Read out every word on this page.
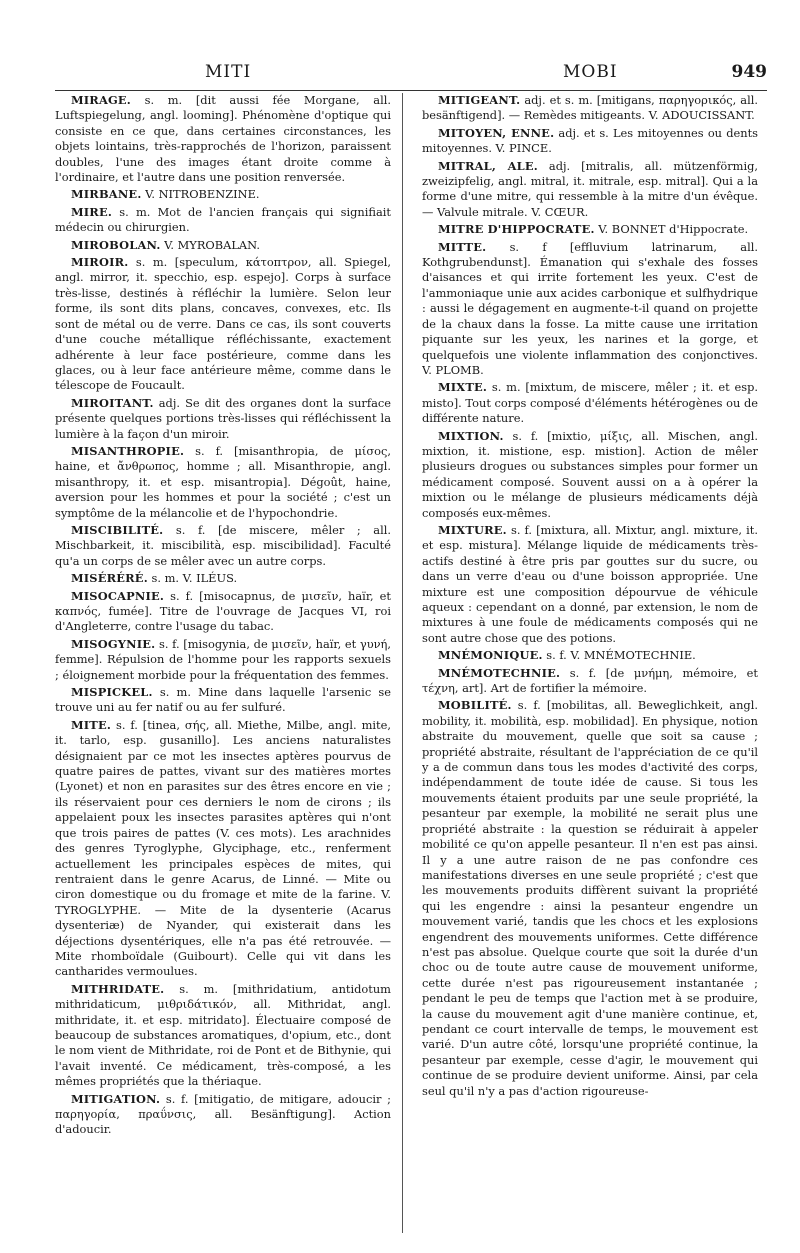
MITI	MOBI	949

MIRAGE. s. m. [dit aussi fée Morgane, all. Luftspiegelung, angl. looming]. Phénomène d'optique qui consiste en ce que, dans certaines circonstances, les objets lointains, très-rapprochés de l'horizon, paraissent doubles, l'une des images étant droite comme à l'ordinaire, et l'autre dans une position renversée.

MIRBANE. V. NITROBENZINE.

MIRE. s. m. Mot de l'ancien français qui signifiait médecin ou chirurgien.

MIROBOLAN. V. MYROBALAN.

MIROIR. s. m. [speculum, κάτοπτρον, all. Spiegel, angl. mirror, it. specchio, esp. espejo]. Corps à surface très-lisse, destinés à réfléchir la lumière. Selon leur forme, ils sont dits plans, concaves, convexes, etc. Ils sont de métal ou de verre. Dans ce cas, ils sont couverts d'une couche métallique réfléchissante, exactement adhérente à leur face postérieure, comme dans les glaces, ou à leur face antérieure même, comme dans le télescope de Foucault.

MIROITANT. adj. Se dit des organes dont la surface présente quelques portions très-lisses qui réfléchissent la lumière à la façon d'un miroir.

MISANTHROPIE. s. f. [misanthropia, de μίσος, haine, et ἄνθρωπος, homme ; all. Misanthropie, angl. misanthropy, it. et esp. misantropia]. Dégoût, haine, aversion pour les hommes et pour la société ; c'est un symptôme de la mélancolie et de l'hypochondrie.

MISCIBILITÉ. s. f. [de miscere, mêler ; all. Mischbarkeit, it. miscibilità, esp. miscibilidad]. Faculté qu'a un corps de se mêler avec un autre corps.

MISÉRÉRÉ. s. m. V. ILÉUS.

MISOCAPNIE. s. f. [misocapnus, de μισεῖν, haïr, et καπνός, fumée]. Titre de l'ouvrage de Jacques VI, roi d'Angleterre, contre l'usage du tabac.

MISOGYNIE. s. f. [misogynia, de μισεῖν, haïr, et γυνή, femme]. Répulsion de l'homme pour les rapports sexuels ; éloignement morbide pour la fréquentation des femmes.

MISPICKEL. s. m. Mine dans laquelle l'arsenic se trouve uni au fer natif ou au fer sulfuré.

MITE. s. f. [tinea, σής, all. Miethe, Milbe, angl. mite, it. tarlo, esp. gusanillo]. Les anciens naturalistes désignaient par ce mot les insectes aptères pourvus de quatre paires de pattes, vivant sur des matières mortes (Lyonet) et non en parasites sur des êtres encore en vie ; ils réservaient pour ces derniers le nom de cirons ; ils appelaient poux les insectes parasites aptères qui n'ont que trois paires de pattes (V. ces mots). Les arachnides des genres Tyroglyphe, Glyciphage, etc., renferment actuellement les principales espèces de mites, qui rentraient dans le genre Acarus, de Linné. — Mite ou ciron domestique ou du fromage et mite de la farine. V. TYROGLYPHE. — Mite de la dysenterie (Acarus dysenteriæ) de Nyander, qui existerait dans les déjections dysentériques, elle n'a pas été retrouvée. — Mite rhomboïdale (Guibourt). Celle qui vit dans les cantharides vermoulues.

MITHRIDATE. s. m. [mithridatium, antidotum mithridaticum, μιθριδάτικόν, all. Mithridat, angl. mithridate, it. et esp. mitridato]. Électuaire composé de beaucoup de substances aromatiques, d'opium, etc., dont le nom vient de Mithridate, roi de Pont et de Bithynie, qui l'avait inventé. Ce médicament, très-composé, a les mêmes propriétés que la thériaque.

MITIGATION. s. f. [mitigatio, de mitigare, adoucir ; παρηγορία, πραΰνσις, all. Besänftigung]. Action d'adoucir.

MITIGEANT. adj. et s. m. [mitigans, παρηγορικός, all. besänftigend]. — Remèdes mitigeants. V. ADOUCISSANT.

MITOYEN, ENNE. adj. et s. Les mitoyennes ou dents mitoyennes. V. PINCE.

MITRAL, ALE. adj. [mitralis, all. mützenförmig, zweizipfelig, angl. mitral, it. mitrale, esp. mitral]. Qui a la forme d'une mitre, qui ressemble à la mitre d'un évêque. — Valvule mitrale. V. CŒUR.

MITRE D'HIPPOCRATE. V. BONNET d'Hippocrate.

MITTE. s. f [effluvium latrinarum, all. Kothgrubendunst]. Émanation qui s'exhale des fosses d'aisances et qui irrite fortement les yeux. C'est de l'ammoniaque unie aux acides carbonique et sulfhydrique : aussi le dégagement en augmente-t-il quand on projette de la chaux dans la fosse. La mitte cause une irritation piquante sur les yeux, les narines et la gorge, et quelquefois une violente inflammation des conjonctives. V. PLOMB.

MIXTE. s. m. [mixtum, de miscere, mêler ; it. et esp. misto]. Tout corps composé d'éléments hétérogènes ou de différente nature.

MIXTION. s. f. [mixtio, μίξις, all. Mischen, angl. mixtion, it. mistione, esp. mistion]. Action de mêler plusieurs drogues ou substances simples pour former un médicament composé. Souvent aussi on a à opérer la mixtion ou le mélange de plusieurs médicaments déjà composés eux-mêmes.

MIXTURE. s. f. [mixtura, all. Mixtur, angl. mixture, it. et esp. mistura]. Mélange liquide de médicaments très-actifs destiné à être pris par gouttes sur du sucre, ou dans un verre d'eau ou d'une boisson appropriée. Une mixture est une composition dépourvue de véhicule aqueux : cependant on a donné, par extension, le nom de mixtures à une foule de médicaments composés qui ne sont autre chose que des potions.

MNÉMONIQUE. s. f. V. MNÉMOTECHNIE.

MNÉMOTECHNIE. s. f. [de μνήμη, mémoire, et τέχνη, art]. Art de fortifier la mémoire.

MOBILITÉ. s. f. [mobilitas, all. Beweglichkeit, angl. mobility, it. mobilità, esp. mobilidad]. En physique, notion abstraite du mouvement, quelle que soit sa cause ; propriété abstraite, résultant de l'appréciation de ce qu'il y a de commun dans tous les modes d'activité des corps, indépendamment de toute idée de cause. Si tous les mouvements étaient produits par une seule propriété, la pesanteur par exemple, la mobilité ne serait plus une propriété abstraite : la question se réduirait à appeler mobilité ce qu'on appelle pesanteur. Il n'en est pas ainsi. Il y a une autre raison de ne pas confondre ces manifestations diverses en une seule propriété ; c'est que les mouvements produits diffèrent suivant la propriété qui les engendre : ainsi la pesanteur engendre un mouvement varié, tandis que les chocs et les explosions engendrent des mouvements uniformes. Cette différence n'est pas absolue. Quelque courte que soit la durée d'un choc ou de toute autre cause de mouvement uniforme, cette durée n'est pas rigoureusement instantanée ; pendant le peu de temps que l'action met à se produire, la cause du mouvement agit d'une manière continue, et, pendant ce court intervalle de temps, le mouvement est varié. D'un autre côté, lorsqu'une propriété continue, la pesanteur par exemple, cesse d'agir, le mouvement qui continue de se produire devient uniforme. Ainsi, par cela seul qu'il n'y a pas d'action rigoureuse-
